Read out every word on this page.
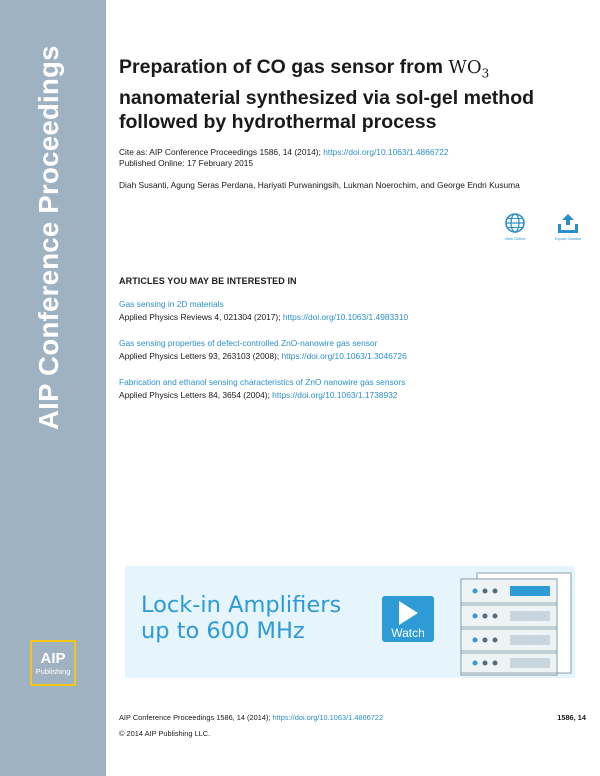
AIP Conference Proceedings
AIP
Publishing
Preparation of CO gas sensor from $WO_3$ nanomaterial synthesized via sol-gel method followed by hydrothermal process
Cite as: AIP Conference Proceedings 1586, 14 (2014); https://doi.org/10.1063/1.4866722
Published Online: 17 February 2015
Diah Susanti, Agung Seras Perdana, Hariyati Purwaningsih, Lukman Noerochim, and George Endri Kusuma
View Online	Export Citation
ARTICLES YOU MAY BE INTERESTED IN
Gas sensing in 2D materials
Applied Physics Reviews 4, 021304 (2017); https://doi.org/10.1063/1.4983310
Gas sensing properties of defect-controlled ZnO-nanowire gas sensor
Applied Physics Letters 93, 263103 (2008); https://doi.org/10.1063/1.3046726
Fabrication and ethanol sensing characteristics of ZnO nanowire gas sensors
Applied Physics Letters 84, 3654 (2004); https://doi.org/10.1063/1.1738932
Lock-in Amplifiers
up to 600 MHz	Watch
AIP Conference Proceedings 1586, 14 (2014); https://doi.org/10.1063/1.4866722	1586, 14
© 2014 AIP Publishing LLC.
